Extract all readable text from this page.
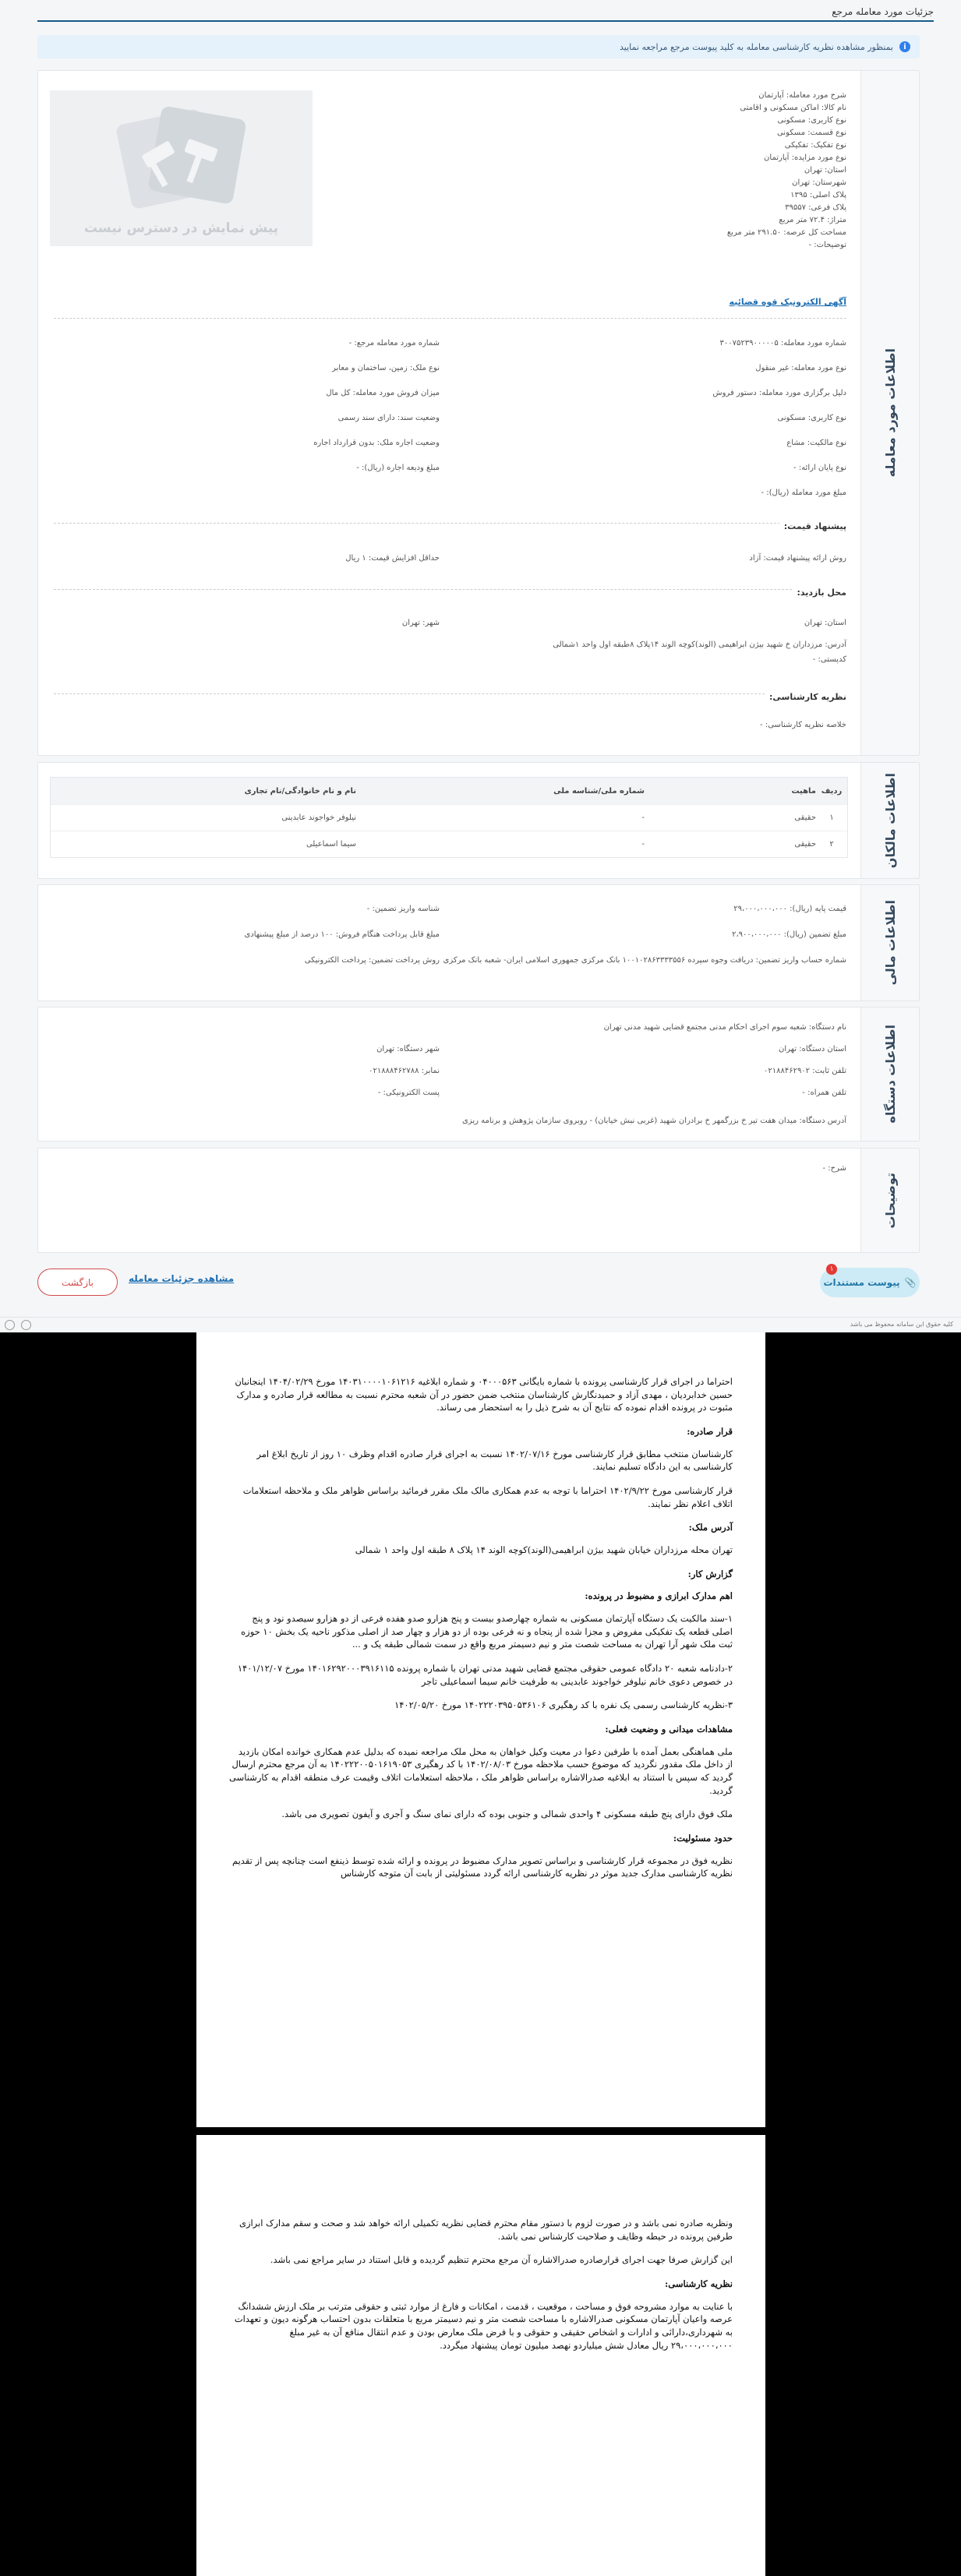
جزئیات مورد معامله مرجع
i
بمنظور مشاهده نظریه کارشناسی معامله به کلید پیوست مرجع مراجعه نمایید
اطلاعات مورد معامله
شرح مورد معامله: آپارتمان
نام کالا: اماکن مسکونی و اقامتی
نوع کاربری: مسکونی
نوع قسمت: مسکونی
نوع تفکیک: تفکیکی
نوع مورد مزایده: آپارتمان
استان: تهران
شهرستان: تهران
پلاک اصلی: ۱۳۹۵
پلاک فرعی: ۳۹۵۵۷
متراژ: ۷۲.۴ متر مربع
مساحت کل عرصه: ۲۹۱.۵۰ متر مربع
توضیحات: -
پیش نمایش در دسترس نیست
آگهی الکترونیک قوه قضائیه
شماره مورد معامله: ۳۰۰۷۵۲۳۹۰۰۰۰۰۵
نوع مورد معامله: غیر منقول
دلیل برگزاری مورد معامله: دستور فروش
نوع کاربری: مسکونی
نوع مالکیت: مشاع
نوع پایان ارائه: -
مبلغ مورد معامله (ریال): -
شماره مورد معامله مرجع: -
نوع ملک: زمین، ساختمان و معابر
میزان فروش مورد معامله: کل مال
وضعیت سند: دارای سند رسمی
وضعیت اجاره ملک: بدون قرارداد اجاره
مبلغ ودیعه اجاره (ریال): -
پیشنهاد قیمت:
روش ارائه پیشنهاد قیمت: آزاد
حداقل افزایش قیمت: ۱ ریال
محل بازدید:
استان: تهران
شهر: تهران
آدرس: مرزداران خ شهید بیژن ابراهیمی (الوند)کوچه الوند ۱۴پلاک ۸طبقه اول واحد ۱شمالی
کدپستی: -
نظریه کارشناسی:
خلاصه نظریه کارشناسی: -
اطلاعات مالکان
ردیف
ماهیت
شماره ملی/شناسه ملی
نام و نام خانوادگی/نام تجاری
۱
حقیقی
-
نیلوفر خواجوند عابدینی
۲
حقیقی
-
سیما اسماعیلی
اطلاعات مالی
قیمت پایه (ریال): ۲۹،۰۰۰،۰۰۰،۰۰۰
شناسه واریز تضمین: -
مبلغ تضمین (ریال): ۲،۹۰۰،۰۰۰،۰۰۰
مبلغ قابل پرداخت هنگام فروش: ۱۰۰ درصد از مبلغ پیشنهادی
شماره حساب واریز تضمین: دریافت وجوه سپرده ۱۰۰۱۰۲۸۶۳۳۳۳۵۵۶ بانک مرکزی جمهوری اسلامی ایران- شعبه بانک مرکزی
روش پرداخت تضمین: پرداخت الکترونیکی
اطلاعات دستگاه
نام دستگاه: شعبه سوم اجرای احکام مدنی مجتمع قضایی شهید مدنی تهران
استان دستگاه: تهران
شهر دستگاه: تهران
تلفن ثابت: ۰۲۱۸۸۴۶۲۹۰۲
نمابر: ۰۲۱۸۸۸۴۶۲۷۸۸
تلفن همراه: -
پست الکترونیکی: -
آدرس دستگاه: میدان هفت تیر خ بزرگمهر خ برادران شهید (غربی نبش خیابان) - روبروی سازمان پژوهش و برنامه ریزی
توضیحات
شرح: -
بازگشت	مشاهده جزئیات معامله	📎
پیوست مستندات
۱
کلیه حقوق این سامانه محفوظ می باشد

احتراما در اجرای قرار کارشناسی پرونده با شماره بایگانی ۰۴۰۰۰۵۶۳ و شماره ابلاغیه ۱۴۰۳۱۰۰۰۰۱۰۶۱۲۱۶ مورخ ۱۴۰۴/۰۲/۲۹ اینجانبان حسین خدابردیان ، مهدی آزاد و حمیدنگارش کارشناسان منتخب ضمن حضور در آن شعبه محترم نسبت به مطالعه قرار صادره و مدارک مثبوت در پرونده اقدام نموده که نتایج آن به شرح ذیل را به استحضار می رساند.

قرار صادره:

کارشناسان منتخب مطابق قرار کارشناسی مورخ ۱۴۰۲/۰۷/۱۶ نسبت به اجرای قرار صادره اقدام وظرف ۱۰ روز از تاریخ ابلاغ امر کارشناسی به این دادگاه تسلیم نمایند.

قرار کارشناسی مورخ ۱۴۰۲/۹/۲۲ احتراما با توجه به عدم همکاری مالک ملک مقرر فرمائید براساس ظواهر ملک و ملاحظه استعلامات اتلاف اعلام نظر نمایند.

آدرس ملک:

تهران محله مرزداران خیابان شهید بیژن ابراهیمی(الوند)کوچه الوند ۱۴ پلاک ۸ طبقه اول واحد ۱ شمالی

گزارش کار:
اهم مدارک ابرازی و مضبوط در پرونده:

۱-سند مالکیت یک دستگاه آپارتمان مسکونی به شماره چهارصدو بیست و پنج هزارو صدو هفده فرعی از دو هزارو سیصدو نود و پنج اصلی قطعه یک تفکیکی مفروض و مجزا شده از پنجاه و نه فرعی بوده از دو هزار و چهار صد از اصلی مذکور ناحیه یک بخش ۱۰ حوزه ثبت ملک شهر آرا تهران به مساحت شصت متر و نیم دسیمتر مربع واقع در سمت شمالی طبقه یک و ...

۲-دادنامه شعبه ۲۰ دادگاه عمومی حقوقی مجتمع قضایی شهید مدنی تهران با شماره پرونده ۱۴۰۱۶۲۹۲۰۰۰۳۹۱۶۱۱۵ مورخ ۱۴۰۱/۱۲/۰۷ در خصوص دعوی خانم نیلوفر خواجوند عابدینی به طرفیت خانم سیما اسماعیلی تاجر

۳-نظریه کارشناسی رسمی یک نفره با کد رهگیری ۱۴۰۲۲۲۰۳۹۵۰۵۳۶۱۰۶ مورخ ۱۴۰۲/۰۵/۲۰

مشاهدات میدانی و وضعیت فعلی:

ملی هماهنگی بعمل آمده با طرفین دعوا در معیت وکیل خواهان به محل ملک مراجعه نمیده که بدلیل عدم همکاری خوانده امکان بازدید از داخل ملک مقدور نگردید که موضوع حسب ملاحظه مورخ ۱۴۰۲/۰۸/۰۳ با کد رهگیری ۱۴۰۲۲۲۰۰۵۰۱۶۱۹۰۵۳ به آن مرجع محترم ارسال گردید که سپس با استناد به ابلاغیه صدرالاشاره براساس ظواهر ملک ، ملاحظه استعلامات اتلاف وقیمت عرف منطقه اقدام به کارشناسی گردید.

ملک فوق دارای پنج طبقه مسکونی ۴ واحدی شمالی و جنوبی بوده که دارای نمای سنگ و آجری و آیفون تصویری می باشد.

حدود مسئولیت:

نظریه فوق در مجموعه قرار کارشناسی و براساس تصویر مدارک مضبوط در پرونده و ارائه شده توسط ذینفع است چنانچه پس از تقدیم نظریه کارشناسی مدارک جدید موثر در نظریه کارشناسی ارائه گردد مسئولیتی از بابت آن متوجه کارشناس

ونظریه صادره نمی باشد و در صورت لزوم با دستور مقام محترم قضایی نظریه تکمیلی ارائه خواهد شد و صحت و سقم مدارک ابرازی طرفین پرونده در حیطه وظایف و صلاحیت کارشناس نمی باشد.

این گزارش صرفا جهت اجرای قرارصادره صدرالاشاره آن مرجع محترم تنظیم گردیده و قابل استناد در سایر مراجع نمی باشد.

نظریه کارشناسی:

با عنایت به موارد مشروحه فوق و مساحت ، موقعیت ، قدمت ، امکانات و فارغ از موارد ثبتی و حقوقی مترتب بر ملک ارزش ششدانگ عرصه واعیان آپارتمان مسکونی صدرالاشاره با مساحت شصت متر و نیم دسیمتر مربع با متعلقات بدون احتساب هرگونه دیون و تعهدات به شهرداری،دارائی و ادارات و اشخاص حقیقی و حقوقی و با فرض ملک معارض بودن و عدم انتقال منافع آن به غیر مبلغ ۲۹،۰۰۰،۰۰۰،۰۰۰ ریال معادل شش میلیاردو نهصد میلیون تومان پیشنهاد میگردد.
